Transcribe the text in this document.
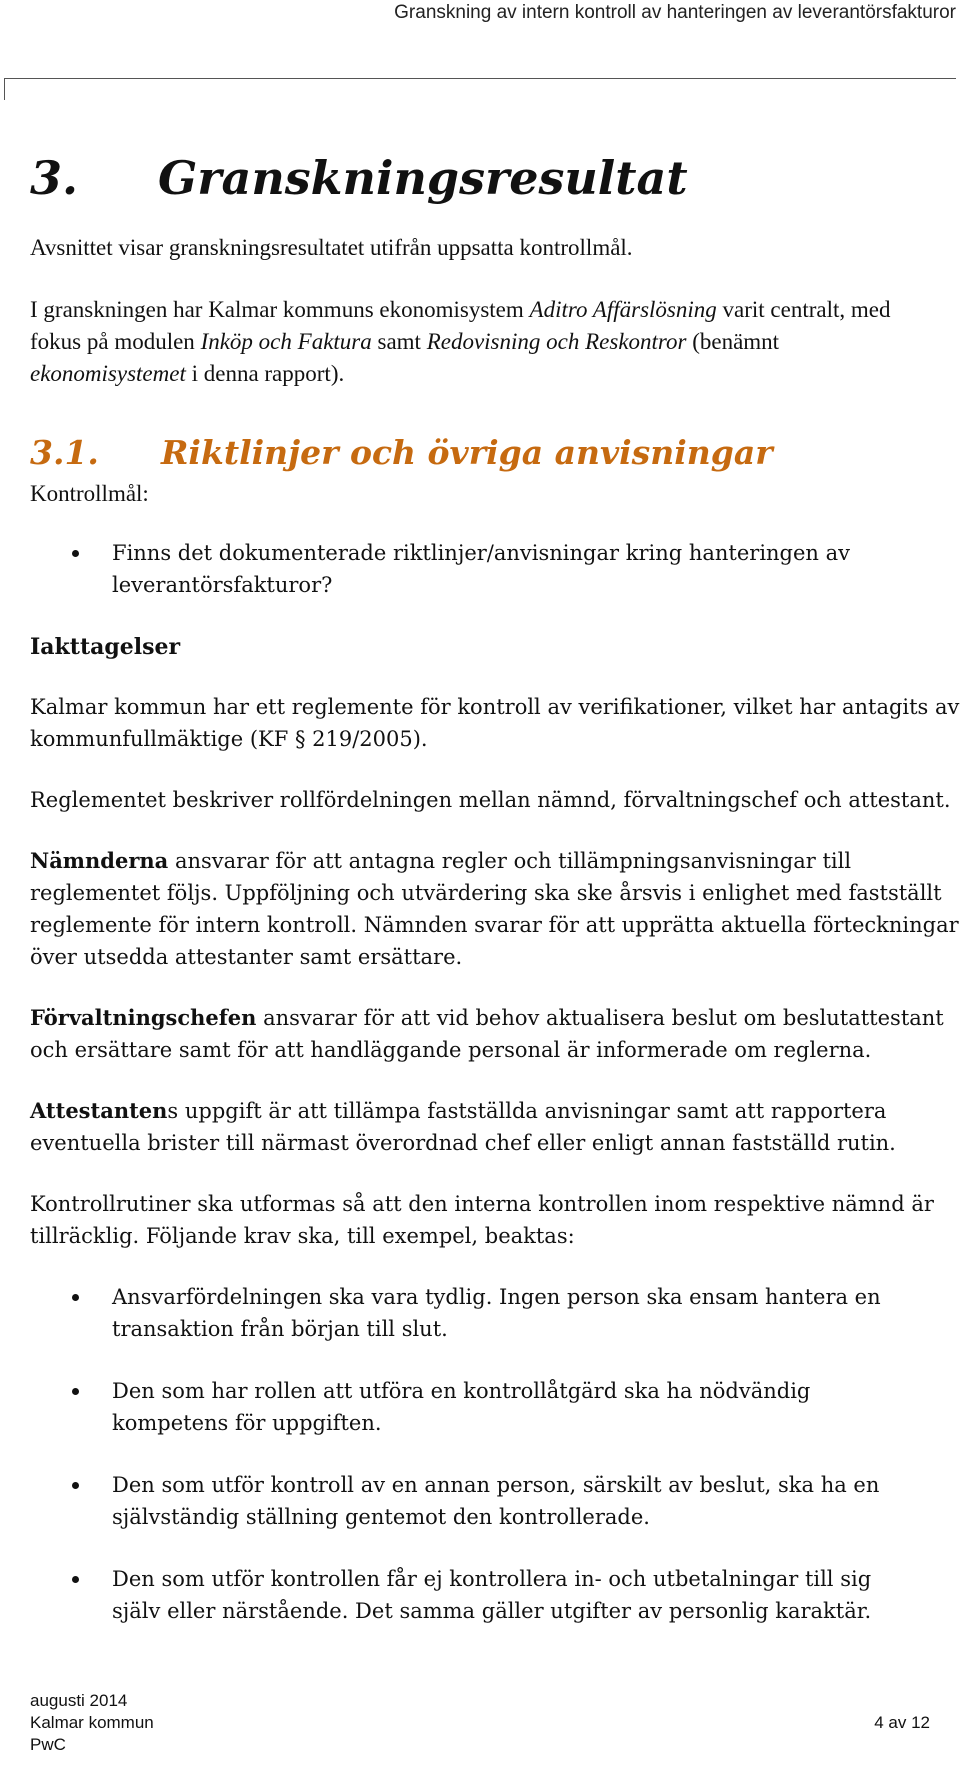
Granskning av intern kontroll av hanteringen av leverantörsfakturor
3.	Granskningsresultat

Avsnittet visar granskningsresultatet utifrån uppsatta kontrollmål.

I granskningen har Kalmar kommuns ekonomisystem Aditro Affärslösning varit centralt, med fokus på modulen Inköp och Faktura samt Redovisning och Reskontror (benämnt ekonomisystemet i denna rapport).

3.1.	Riktlinjer och övriga anvisningar
Kontrollmål:
Finns det dokumenterade riktlinjer/anvisningar kring hanteringen av leverantörsfakturor?
Iakttagelser

Kalmar kommun har ett reglemente för kontroll av verifikationer, vilket har antagits av kommunfullmäktige (KF § 219/2005).

Reglementet beskriver rollfördelningen mellan nämnd, förvaltningschef och attestant.

Nämnderna ansvarar för att antagna regler och tillämpningsanvisningar till reglementet följs. Uppföljning och utvärdering ska ske årsvis i enlighet med fastställt reglemente för intern kontroll. Nämnden svarar för att upprätta aktuella förteckningar över utsedda attestanter samt ersättare.

Förvaltningschefen ansvarar för att vid behov aktualisera beslut om beslutattestant och ersättare samt för att handläggande personal är informerade om reglerna.

Attestantens uppgift är att tillämpa fastställda anvisningar samt att rapportera eventuella brister till närmast överordnad chef eller enligt annan fastställd rutin.

Kontrollrutiner ska utformas så att den interna kontrollen inom respektive nämnd är tillräcklig. Följande krav ska, till exempel, beaktas:

Ansvarfördelningen ska vara tydlig. Ingen person ska ensam hantera en transaktion från början till slut.
Den som har rollen att utföra en kontrollåtgärd ska ha nödvändig kompetens för uppgiften.
Den som utför kontroll av en annan person, särskilt av beslut, ska ha en självständig ställning gentemot den kontrollerade.
Den som utför kontrollen får ej kontrollera in- och utbetalningar till sig själv eller närstående. Det samma gäller utgifter av personlig karaktär.
augusti 2014
Kalmar kommun
PwC
4 av 12
